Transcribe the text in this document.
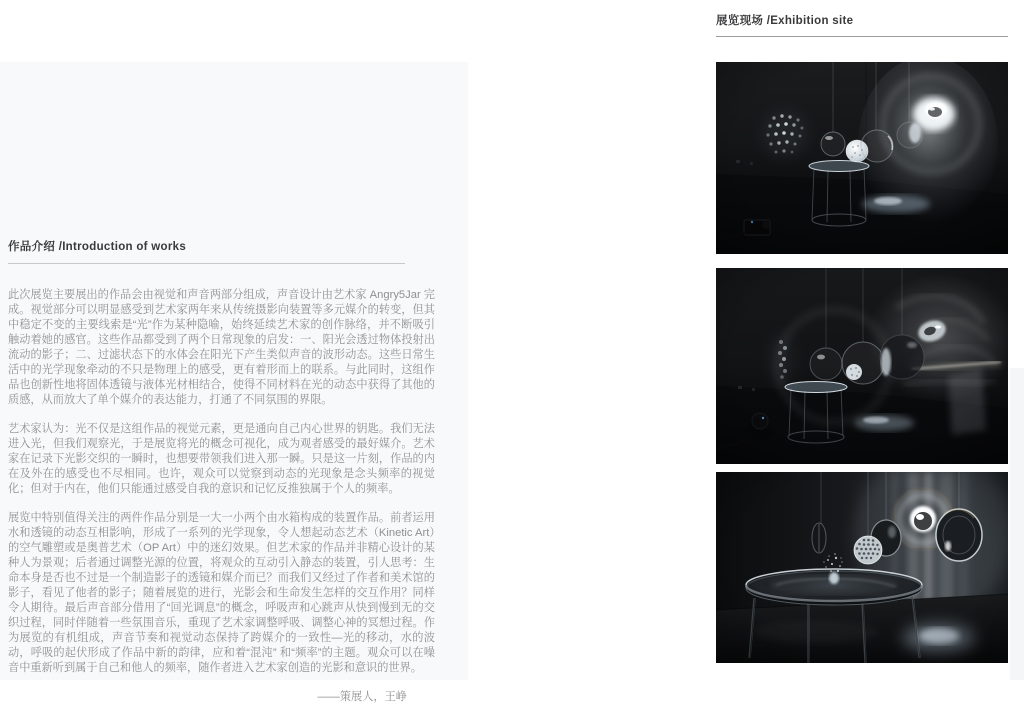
作品介绍 /Introduction of works

此次展览主要展出的作品会由视觉和声音两部分组成，声音设计由艺术家 Angry5Jar 完成。视觉部分可以明显感受到艺术家两年来从传统摄影向装置等多元媒介的转变，但其中稳定不变的主要线索是“光”作为某种隐喻，始终延续艺术家的创作脉络，并不断吸引触动着她的感官。这些作品都受到了两个日常现象的启发：一、阳光会透过物体投射出流动的影子；二、过滤状态下的水体会在阳光下产生类似声音的波形动态。这些日常生活中的光学现象牵动的不只是物理上的感受，更有着形而上的联系。与此同时，这组作品也创新性地将固体透镜与液体光材相结合，使得不同材料在光的动态中获得了其他的质感，从而放大了单个媒介的表达能力，打通了不同氛围的界限。

艺术家认为：光不仅是这组作品的视觉元素，更是通向自己内心世界的钥匙。我们无法进入光，但我们观察光，于是展览将光的概念可视化，成为观者感受的最好媒介。艺术家在记录下光影交织的一瞬时，也想要带领我们进入那一瞬。只是这一片刻，作品的内在及外在的感受也不尽相同。也许，观众可以觉察到动态的光现象是念头频率的视觉化；但对于内在，他们只能通过感受自我的意识和记忆反推独属于个人的频率。

展览中特别值得关注的两件作品分别是一大一小两个由水箱构成的装置作品。前者运用水和透镜的动态互相影响，形成了一系列的光学现象，令人想起动态艺术（Kinetic Art）的空气雕塑或是奥普艺术（OP Art）中的迷幻效果。但艺术家的作品并非精心设计的某种人为景观；后者通过调整光源的位置，将观众的互动引入静态的装置，引人思考：生命本身是否也不过是一个制造影子的透镜和媒介而已？而我们又经过了作者和美术馆的影子，看见了他者的影子；随着展览的进行，光影会和生命发生怎样的交互作用？同样令人期待。最后声音部分借用了“回光调息”的概念，呼吸声和心跳声从快到慢到无的交织过程，同时伴随着一些氛围音乐，重现了艺术家调整呼吸、调整心神的冥想过程。作为展览的有机组成，声音节奏和视觉动态保持了跨媒介的一致性—光的移动，水的波动，呼吸的起伏形成了作品中新的韵律，应和着“混沌” 和“频率”的主题。观众可以在噪音中重新听到属于自己和他人的频率，随作者进入艺术家创造的光影和意识的世界。

——策展人，王峥
展览现场 /Exhibition site
